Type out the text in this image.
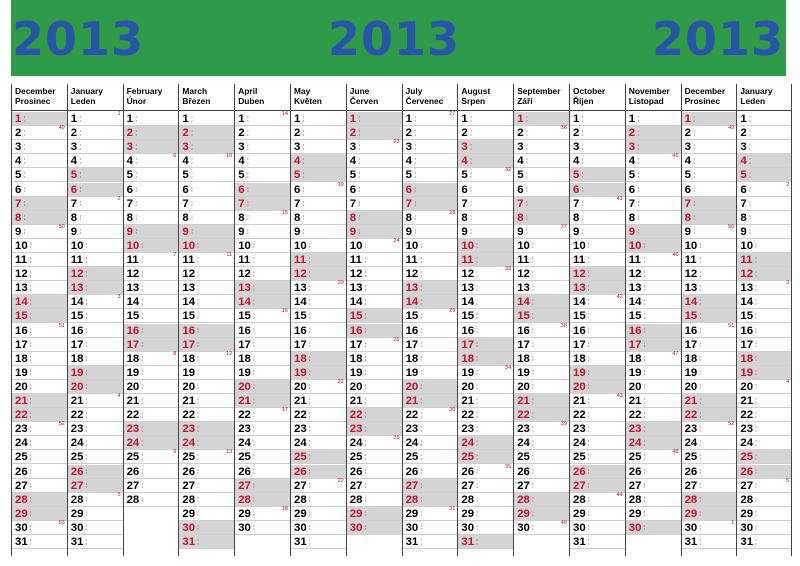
2013	2013	2013
December
Prosinec
1 •
•
2 •
•
49
3 •
•
4 •
•
5 •
•
6 •
•
7 •
•
8 •
•
9 •
•
50
10 •
•
11 •
•
12 •
•
13 •
•
14 •
•
15 •
•
16 •
•
51
17 •
•
18 •
•
19 •
•
20 •
•
21 •
•
22 •
•
23 •
•
52
24 •
•
25 •
•
26 •
•
27 •
•
28 •
•
29 •
•
30 •
•
53
31 •
•
January
Leden
1 •
•
1
2 •
•
3 •
•
4 •
•
5 •
•
6 •
•
7 •
•
2
8 •
•
9 •
•
10 •
•
11 •
•
12 •
•
13 •
•
14 •
•
3
15 •
•
16 •
•
17 •
•
18 •
•
19 •
•
20 •
•
21 •
•
4
22 •
•
23 •
•
24 •
•
25 •
•
26 •
•
27 •
•
28 •
•
5
29 •
•
30 •
•
31 •
•
February
Únor
1 •
•
2 •
•
3 •
•
4 •
•
6
5 •
•
6 •
•
7 •
•
8 •
•
9 •
•
10 •
•
11 •
•
7
12 •
•
13 •
•
14 •
•
15 •
•
16 •
•
17 •
•
18 •
•
8
19 •
•
20 •
•
21 •
•
22 •
•
23 •
•
24 •
•
25 •
•
9
26 •
•
27 •
•
28 •
•
March
Březen
1 •
•
2 •
•
3 •
•
4 •
•
10
5 •
•
6 •
•
7 •
•
8 •
•
9 •
•
10 •
•
11 •
•
11
12 •
•
13 •
•
14 •
•
15 •
•
16 •
•
17 •
•
18 •
•
12
19 •
•
20 •
•
21 •
•
22 •
•
23 •
•
24 •
•
25 •
•
13
26 •
•
27 •
•
28 •
•
29 •
•
30 •
•
31 •
•
April
Duben
1 •
•
14
2 •
•
3 •
•
4 •
•
5 •
•
6 •
•
7 •
•
8 •
•
15
9 •
•
10 •
•
11 •
•
12 •
•
13 •
•
14 •
•
15 •
•
16
16 •
•
17 •
•
18 •
•
19 •
•
20 •
•
21 •
•
22 •
•
17
23 •
•
24 •
•
25 •
•
26 •
•
27 •
•
28 •
•
29 •
•
18
30 •
•
May
Květen
1 •
•
2 •
•
3 •
•
4 •
•
5 •
•
6 •
•
19
7 •
•
8 •
•
9 •
•
10 •
•
11 •
•
12 •
•
13 •
•
20
14 •
•
15 •
•
16 •
•
17 •
•
18 •
•
19 •
•
20 •
•
21
21 •
•
22 •
•
23 •
•
24 •
•
25 •
•
26 •
•
27 •
•
22
28 •
•
29 •
•
30 •
•
31 •
•
June
Červen
1 •
•
2 •
•
3 •
•
23
4 •
•
5 •
•
6 •
•
7 •
•
8 •
•
9 •
•
10 •
•
24
11 •
•
12 •
•
13 •
•
14 •
•
15 •
•
16 •
•
17 •
•
25
18 •
•
19 •
•
20 •
•
21 •
•
22 •
•
23 •
•
24 •
•
26
25 •
•
26 •
•
27 •
•
28 •
•
29 •
•
30 •
•
July
Červenec
1 •
•
27
2 •
•
3 •
•
4 •
•
5 •
•
6 •
•
7 •
•
8 •
•
28
9 •
•
10 •
•
11 •
•
12 •
•
13 •
•
14 •
•
15 •
•
29
16 •
•
17 •
•
18 •
•
19 •
•
20 •
•
21 •
•
22 •
•
30
23 •
•
24 •
•
25 •
•
26 •
•
27 •
•
28 •
•
29 •
•
31
30 •
•
31 •
•
August
Srpen
1 •
•
2 •
•
3 •
•
4 •
•
5 •
•
32
6 •
•
7 •
•
8 •
•
9 •
•
10 •
•
11 •
•
12 •
•
33
13 •
•
14 •
•
15 •
•
16 •
•
17 •
•
18 •
•
19 •
•
34
20 •
•
21 •
•
22 •
•
23 •
•
24 •
•
25 •
•
26 •
•
35
27 •
•
28 •
•
29 •
•
30 •
•
31 •
•
September
Září
1 •
•
2 •
•
36
3 •
•
4 •
•
5 •
•
6 •
•
7 •
•
8 •
•
9 •
•
37
10 •
•
11 •
•
12 •
•
13 •
•
14 •
•
15 •
•
16 •
•
38
17 •
•
18 •
•
19 •
•
20 •
•
21 •
•
22 •
•
23 •
•
39
24 •
•
25 •
•
26 •
•
27 •
•
28 •
•
29 •
•
30 •
•
40
October
Říjen
1 •
•
2 •
•
3 •
•
4 •
•
5 •
•
6 •
•
7 •
•
41
8 •
•
9 •
•
10 •
•
11 •
•
12 •
•
13 •
•
14 •
•
42
15 •
•
16 •
•
17 •
•
18 •
•
19 •
•
20 •
•
21 •
•
43
22 •
•
23 •
•
24 •
•
25 •
•
26 •
•
27 •
•
28 •
•
44
29 •
•
30 •
•
31 •
•
November
Listopad
1 •
•
2 •
•
3 •
•
4 •
•
45
5 •
•
6 •
•
7 •
•
8 •
•
9 •
•
10 •
•
11 •
•
46
12 •
•
13 •
•
14 •
•
15 •
•
16 •
•
17 •
•
18 •
•
47
19 •
•
20 •
•
21 •
•
22 •
•
23 •
•
24 •
•
25 •
•
48
26 •
•
27 •
•
28 •
•
29 •
•
30 •
•
December
Prosinec
1 •
•
2 •
•
49
3 •
•
4 •
•
5 •
•
6 •
•
7 •
•
8 •
•
9 •
•
50
10 •
•
11 •
•
12 •
•
13 •
•
14 •
•
15 •
•
16 •
•
51
17 •
•
18 •
•
19 •
•
20 •
•
21 •
•
22 •
•
23 •
•
52
24 •
•
25 •
•
26 •
•
27 •
•
28 •
•
29 •
•
30 •
•
1
31 •
•
January
Leden
1 •
•
2 •
•
3 •
•
4 •
•
5 •
•
6 •
•
2
7 •
•
8 •
•
9 •
•
10 •
•
11 •
•
12 •
•
13 •
•
3
14 •
•
15 •
•
16 •
•
17 •
•
18 •
•
19 •
•
20 •
•
4
21 •
•
22 •
•
23 •
•
24 •
•
25 •
•
26 •
•
27 •
•
5
28 •
•
29 •
•
30 •
•
31 •
•
